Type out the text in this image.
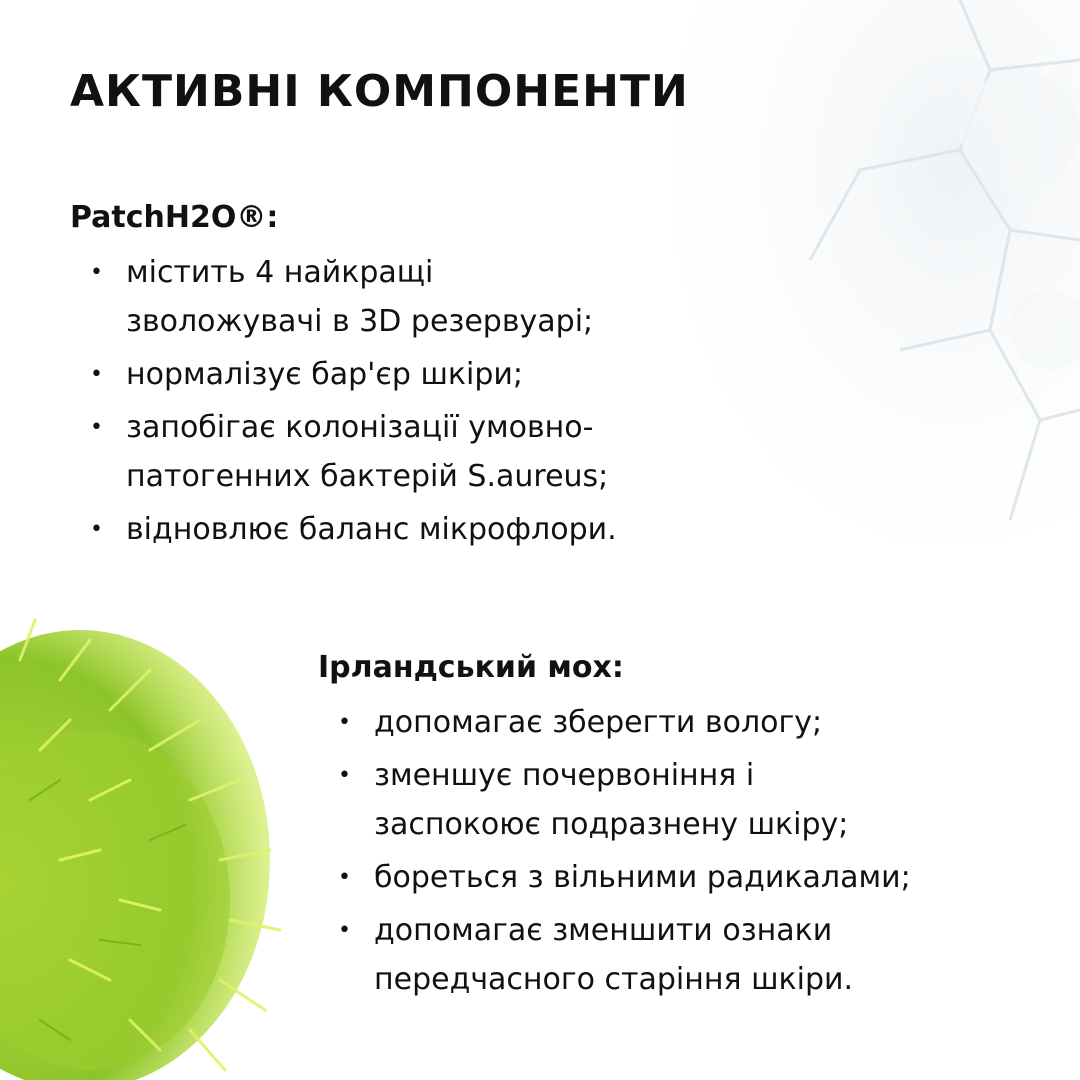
АКТИВНІ КОМПОНЕНТИ
PatchH2O®:
• містить 4 найкращі
зволожувачі в 3D резервуарі;
• нормалізує бар'єр шкіри;
• запобігає колонізації умовно-
патогенних бактерій S.aureus;
• відновлює баланс мікрофлори.
Ірландський мох:
• допомагає зберегти вологу;
• зменшує почервоніння і
заспокоює подразнену шкіру;
• бореться з вільними радикалами;
• допомагає зменшити ознаки
передчасного старіння шкіри.
